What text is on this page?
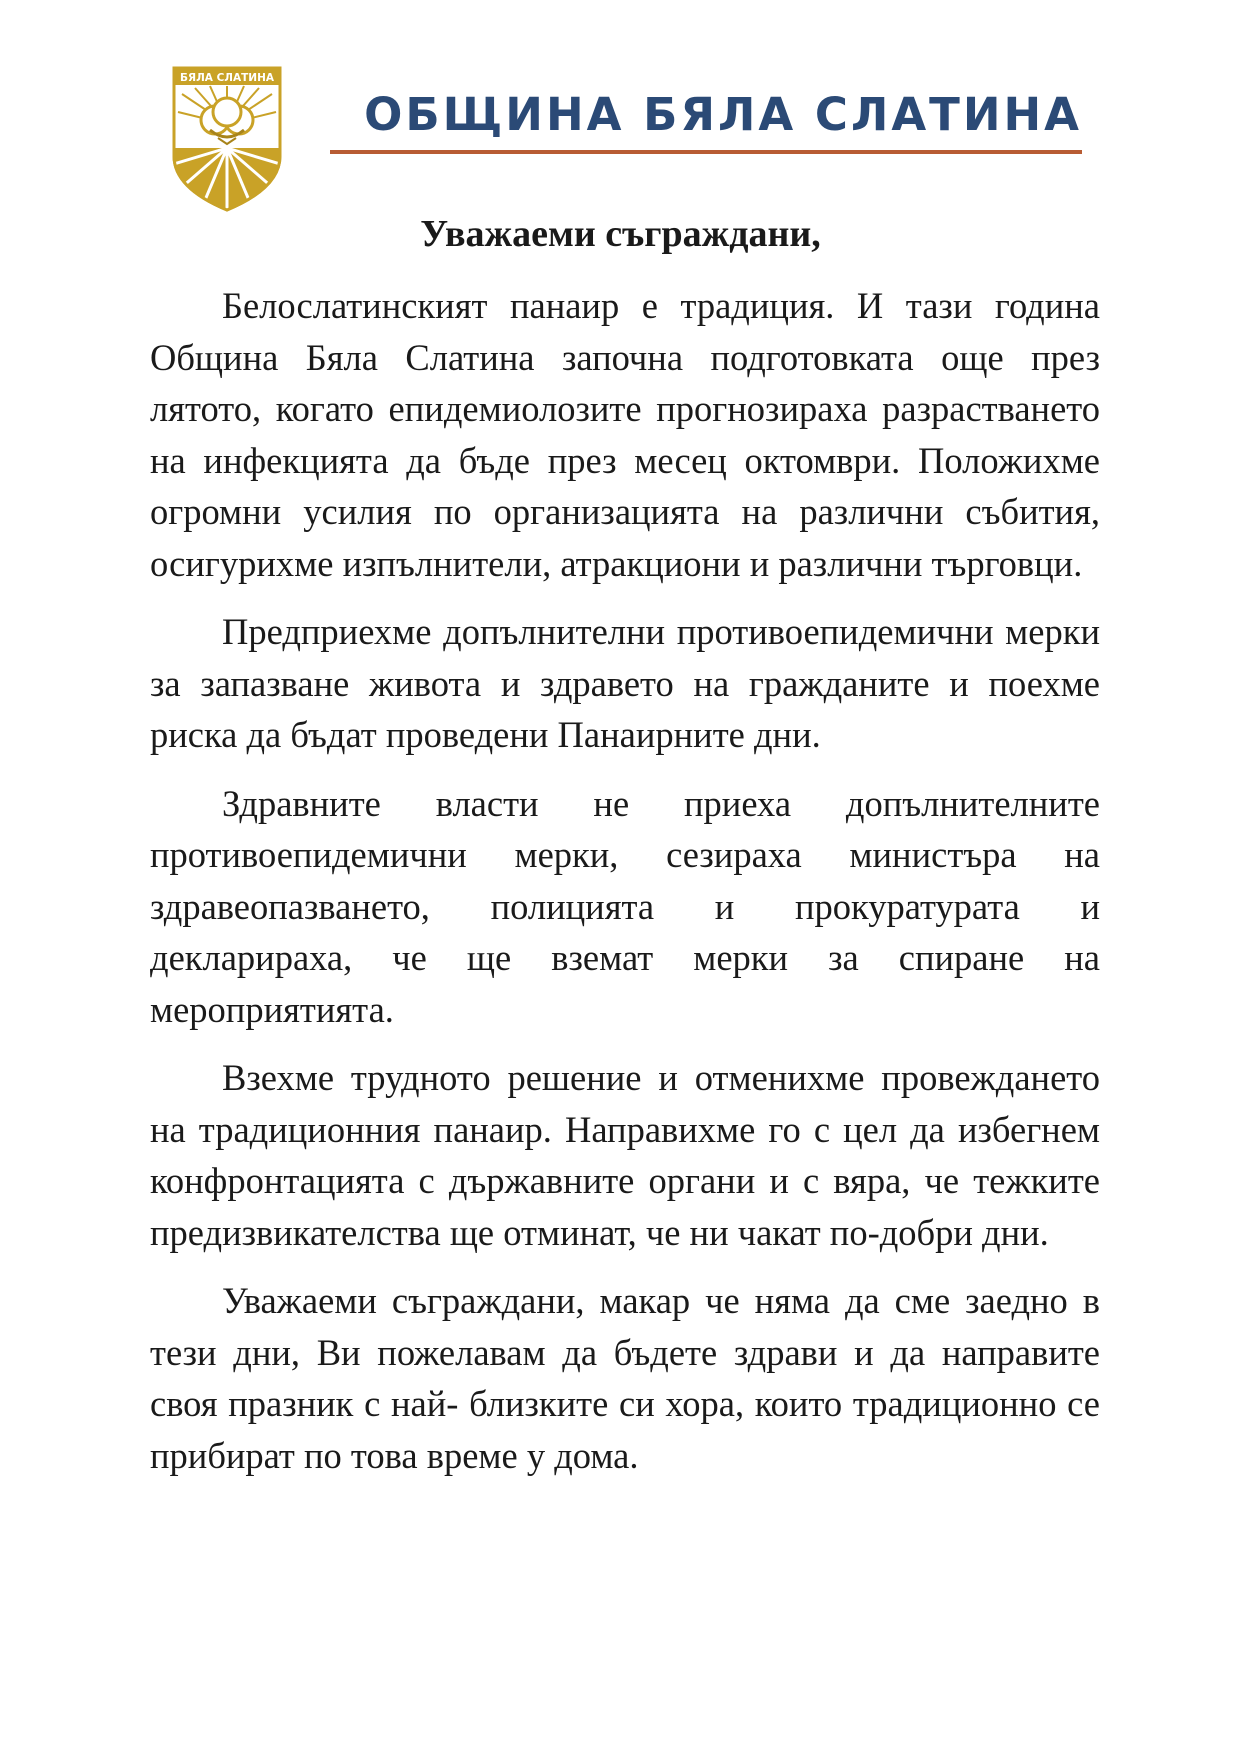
БЯЛА СЛАТИНА
ОБЩИНА БЯЛА СЛАТИНА
Уважаеми съграждани,

Белослатинският панаир е традиция. И тази година Община Бяла Слатина започна подготовката още през лятото, когато епидемиолозите прогнозираха разрастването на инфекцията да бъде през месец октомври. Положихме огромни усилия по организацията на различни събития, осигурихме изпълнители, атракциони и различни търговци.

Предприехме допълнителни противоепидемични мерки за запазване живота и здравето на гражданите и поехме риска да бъдат проведени Панаирните дни.

Здравните власти не приеха допълнителните противоепидемични мерки, сезираха министъра на здравеопазването, полицията и прокуратурата и декларираха, че ще вземат мерки за спиране на мероприятията.

Взехме трудното решение и отменихме провеждането на традиционния панаир. Направихме го с цел да избегнем конфронтацията с държавните органи и с вяра, че тежките предизвикателства ще отминат, че ни чакат по-добри дни.

Уважаеми съграждани, макар че няма да сме заедно в тези дни, Ви пожелавам да бъдете здрави и да направите своя празник с най- близките си хора, които традиционно се прибират по това време у дома.
